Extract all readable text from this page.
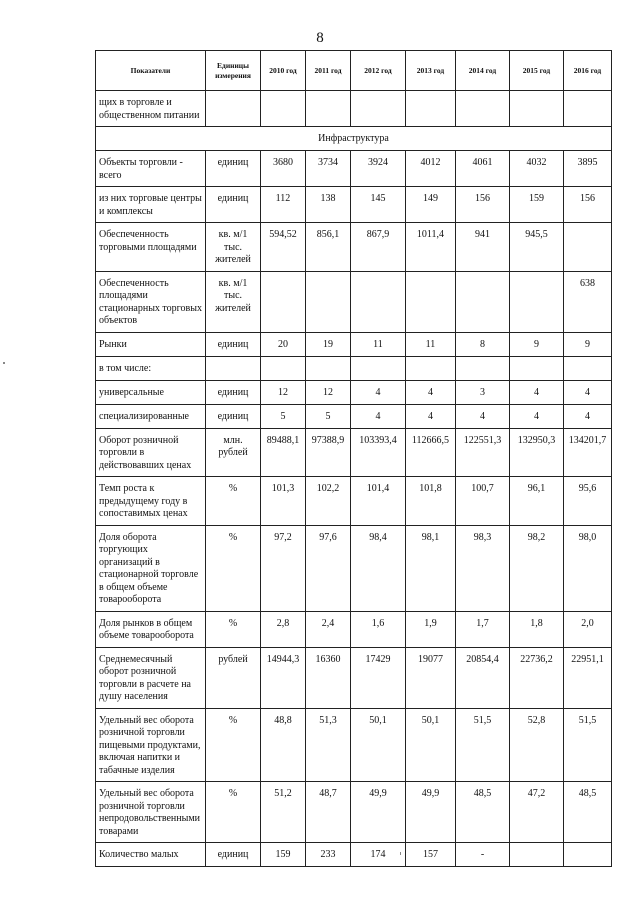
8
Показатели	Единицы измерения	2010 год	2011 год	2012 год	2013 год	2014 год	2015 год	2016 год
щих в торговле и общественном питании								
Инфраструктура								
Объекты торговли - всего	единиц	3680	3734	3924	4012	4061	4032	3895
из них торговые центры и комплексы	единиц	112	138	145	149	156	159	156
Обеспеченность торговыми площадями	кв. м/1 тыс. жителей	594,52	856,1	867,9	1011,4	941	945,5	
Обеспеченность площадями стационарных торговых объектов	кв. м/1 тыс. жителей							638
Рынки	единиц	20	19	11	11	8	9	9
в том числе:								
универсальные	единиц	12	12	4	4	3	4	4
специализированные	единиц	5	5	4	4	4	4	4
Оборот розничной торговли в действовавших ценах	млн. рублей	89488,1	97388,9	103393,4	112666,5	122551,3	132950,3	134201,7
Темп роста к предыдущему году в сопоставимых ценах	%	101,3	102,2	101,4	101,8	100,7	96,1	95,6
Доля оборота торгующих организаций в стационарной торговле в общем объеме товарооборота	%	97,2	97,6	98,4	98,1	98,3	98,2	98,0
Доля рынков в общем объеме товарооборота	%	2,8	2,4	1,6	1,9	1,7	1,8	2,0
Среднемесячный оборот розничной торговли в расчете на душу населения	рублей	14944,3	16360	17429	19077	20854,4	22736,2	22951,1
Удельный вес оборота розничной торговли пищевыми продуктами, включая напитки и табачные изделия	%	48,8	51,3	50,1	50,1	51,5	52,8	51,5
Удельный вес оборота розничной торговли непродовольственными товарами	%	51,2	48,7	49,9	49,9	48,5	47,2	48,5
Количество малых	единиц	159	233	174	157	-		
